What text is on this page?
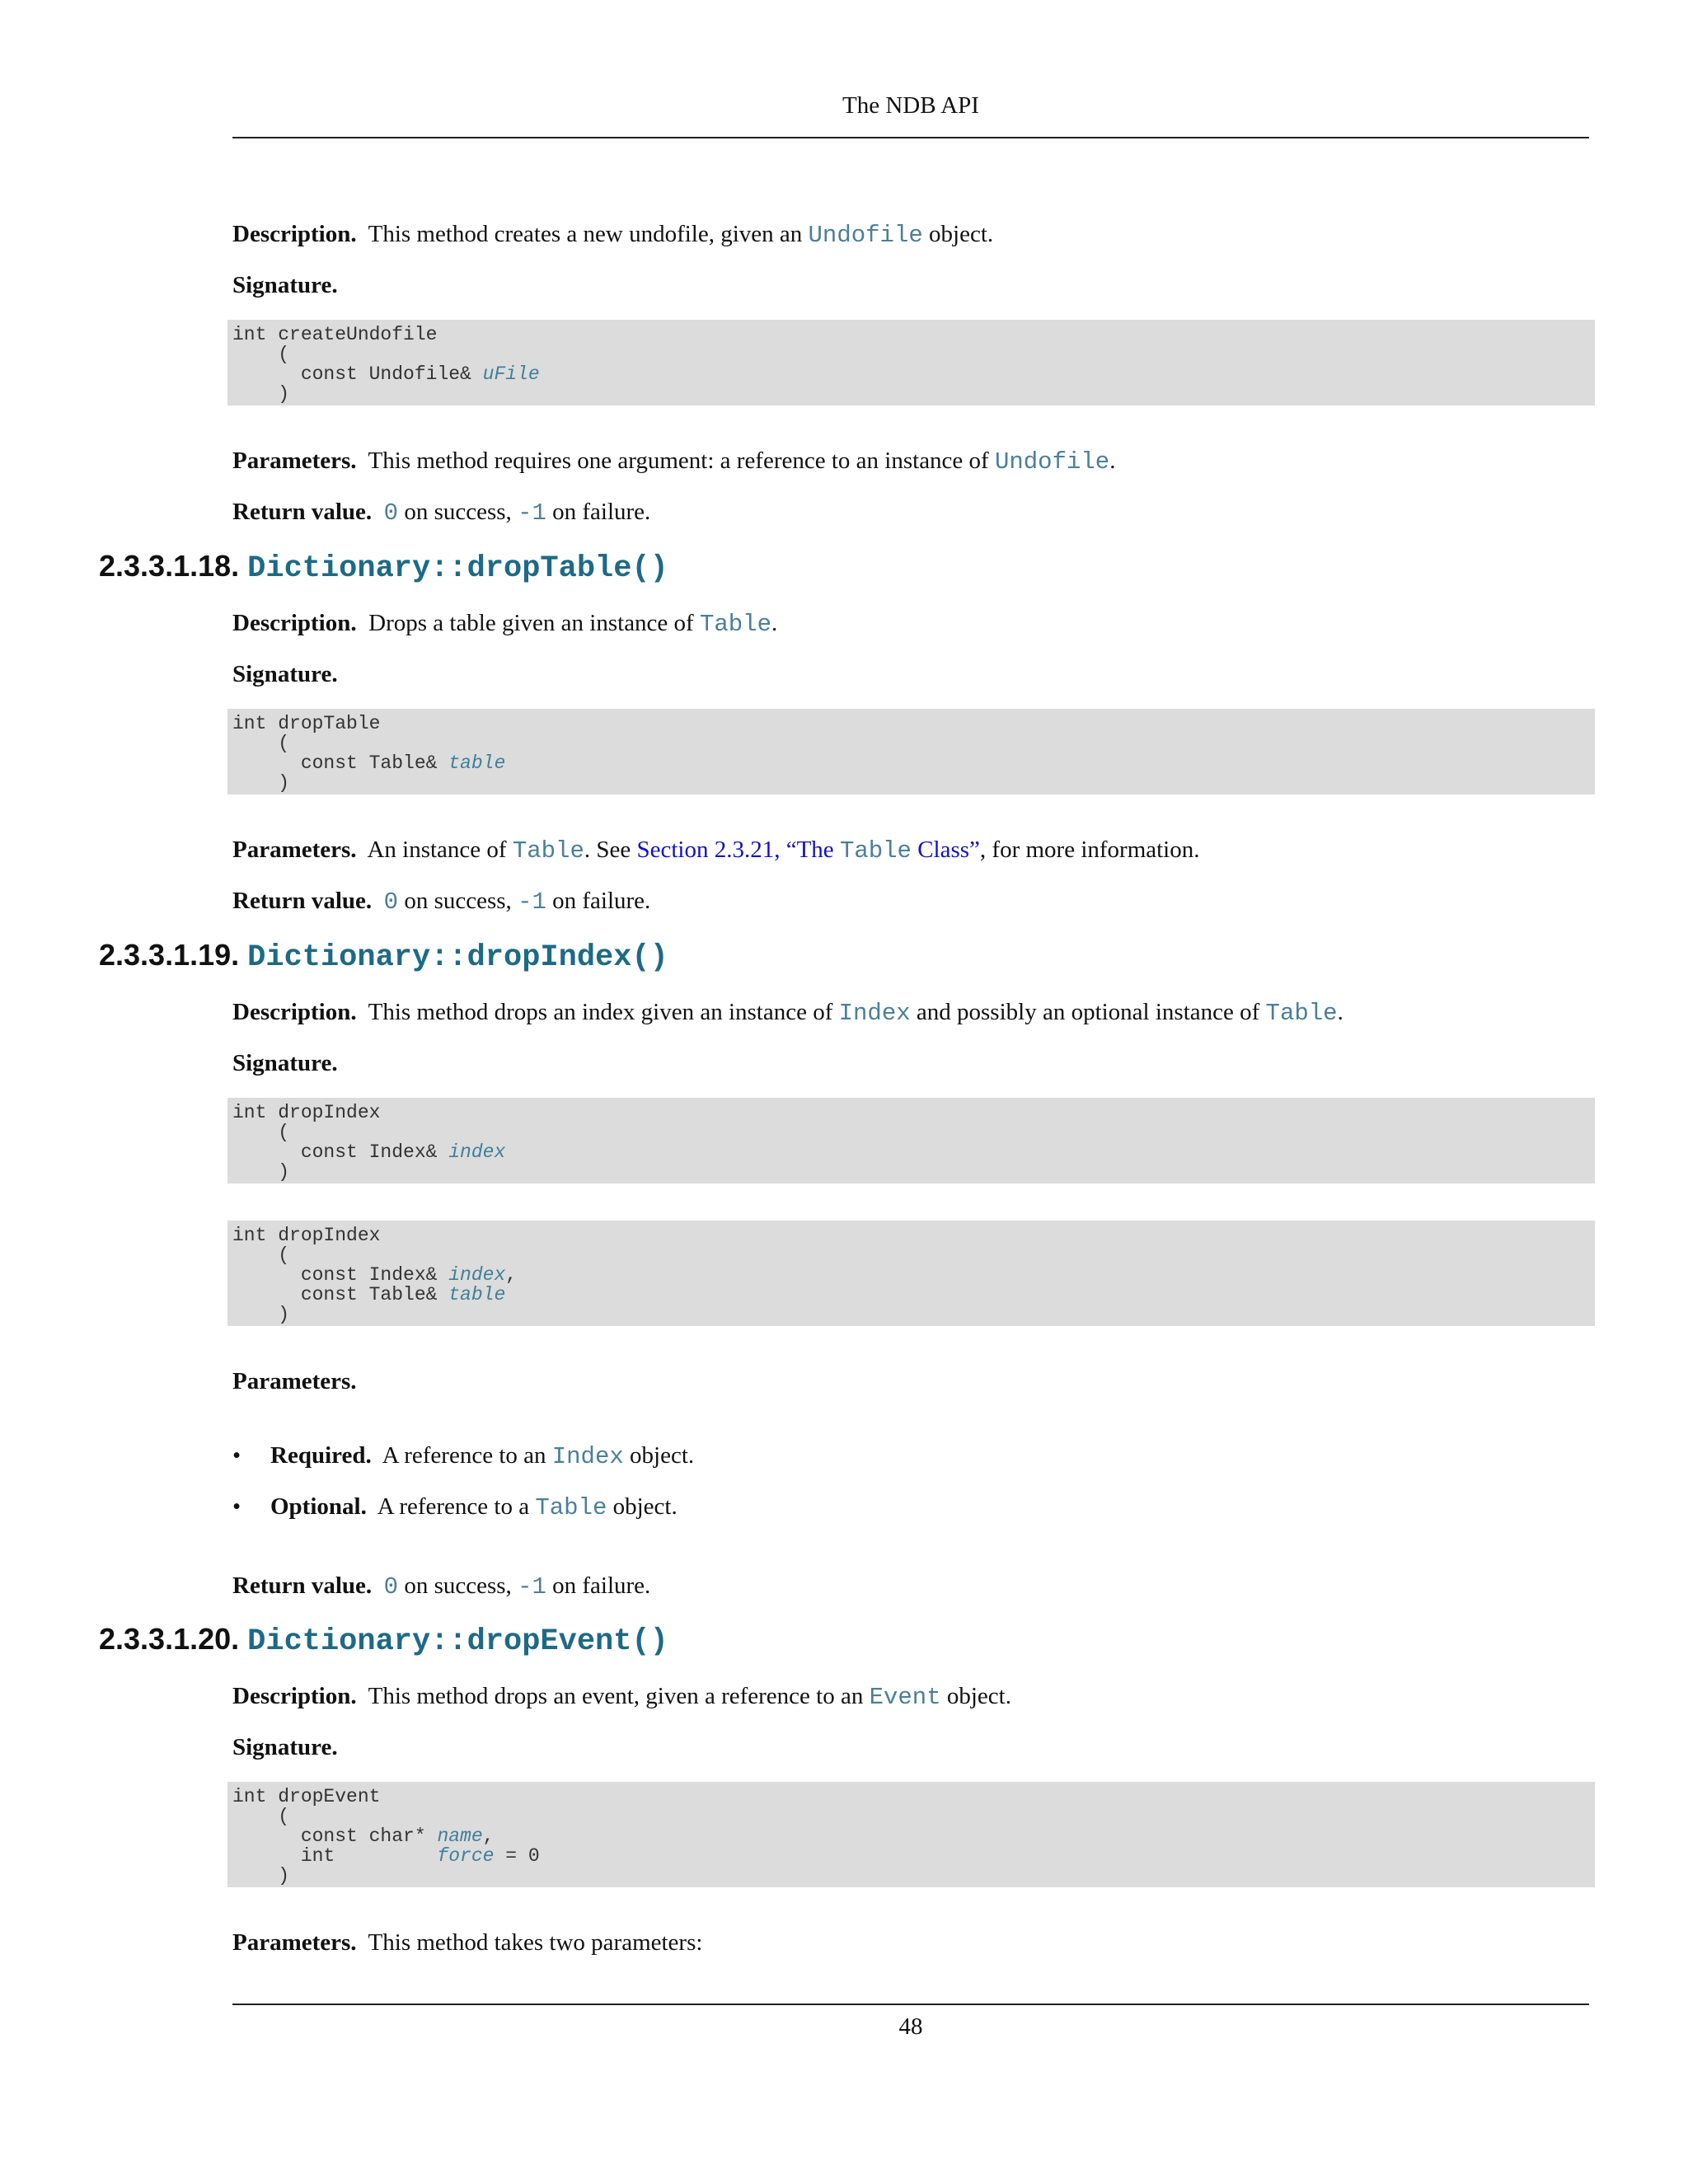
The NDB API
Description. This method creates a new undofile, given an Undofile object.
Signature.
int createUndofile
(
const Undofile& uFile
)
Parameters. This method requires one argument: a reference to an instance of Undofile.
Return value. 0 on success, -1 on failure.
2.3.3.1.18. Dictionary::dropTable()
Description. Drops a table given an instance of Table.
Signature.
int dropTable
(
const Table& table
)
Parameters. An instance of Table. See Section 2.3.21, “The Table Class”, for more information.
Return value. 0 on success, -1 on failure.
2.3.3.1.19. Dictionary::dropIndex()
Description. This method drops an index given an instance of Index and possibly an optional instance of Table.
Signature.
int dropIndex
(
const Index& index
)
int dropIndex
(
const Index& index,
const Table& table
)
Parameters.
• Required. A reference to an Index object.
• Optional. A reference to a Table object.
Return value. 0 on success, -1 on failure.
2.3.3.1.20. Dictionary::dropEvent()
Description. This method drops an event, given a reference to an Event object.
Signature.
int dropEvent
(
const char* name,
int         force = 0
)
Parameters. This method takes two parameters:
48
